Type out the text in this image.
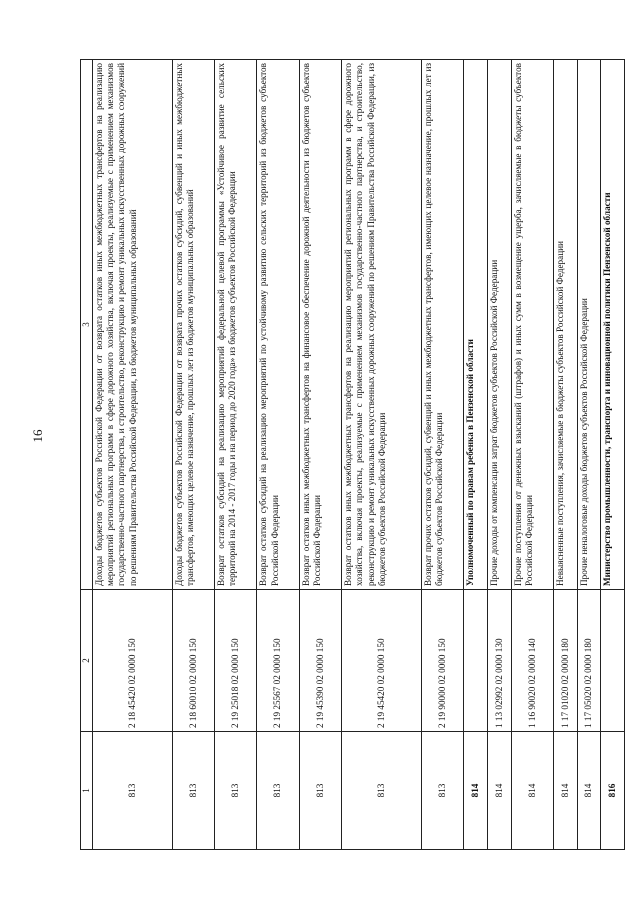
16
1	2	3
813	2 18 45420 02 0000 150	Доходы бюджетов субъектов Российской Федерации от возврата остатков иных межбюджетных трансфертов на реализацию мероприятий региональных программ в сфере дорожного хозяйства, включая проекты, реализуемые с применением механизмов государственно-частного партнерства, и строительство, реконструкцию и ремонт уникальных искусственных дорожных сооружений по решениям Правительства Российской Федерации, из бюджетов муниципальных образований
813	2 18 60010 02 0000 150	Доходы бюджетов субъектов Российской Федерации от возврата прочих остатков субсидий, субвенций и иных межбюджетных трансфертов, имеющих целевое назначение, прошлых лет из бюджетов муниципальных образований
813	2 19 25018 02 0000 150	Возврат остатков субсидий на реализацию мероприятий федеральной целевой программы «Устойчивое развитие сельских территорий на 2014 - 2017 годы и на период до 2020 года» из бюджетов субъектов Российской Федерации
813	2 19 25567 02 0000 150	Возврат остатков субсидий на реализацию мероприятий по устойчивому развитию сельских территорий из бюджетов субъектов Российской Федерации
813	2 19 45390 02 0000 150	Возврат остатков иных межбюджетных трансфертов на финансовое обеспечение дорожной деятельности из бюджетов субъектов Российской Федерации
813	2 19 45420 02 0000 150	Возврат остатков иных межбюджетных трансфертов на реализацию мероприятий региональных программ в сфере дорожного хозяйства, включая проекты, реализуемые с применением механизмов государственно-частного партнерства, и строительство, реконструкцию и ремонт уникальных искусственных дорожных сооружений по решениям Правительства Российской Федерации, из бюджетов субъектов Российской Федерации
813	2 19 90000 02 0000 150	Возврат прочих остатков субсидий, субвенций и иных межбюджетных трансфертов, имеющих целевое назначение, прошлых лет из бюджетов субъектов Российской Федерации
814		Уполномоченный по правам ребенка в Пензенской области
814	1 13 02992 02 0000 130	Прочие доходы от компенсации затрат бюджетов субъектов Российской Федерации
814	1 16 90020 02 0000 140	Прочие поступления от денежных взысканий (штрафов) и иных сумм в возмещение ущерба, зачисляемые в бюджеты субъектов Российской Федерации
814	1 17 01020 02 0000 180	Невыясненные поступления, зачисляемые в бюджеты субъектов Российской Федерации
814	1 17 05020 02 0000 180	Прочие неналоговые доходы бюджетов субъектов Российской Федерации
816		Министерство промышленности, транспорта и инновационной политики Пензенской области
